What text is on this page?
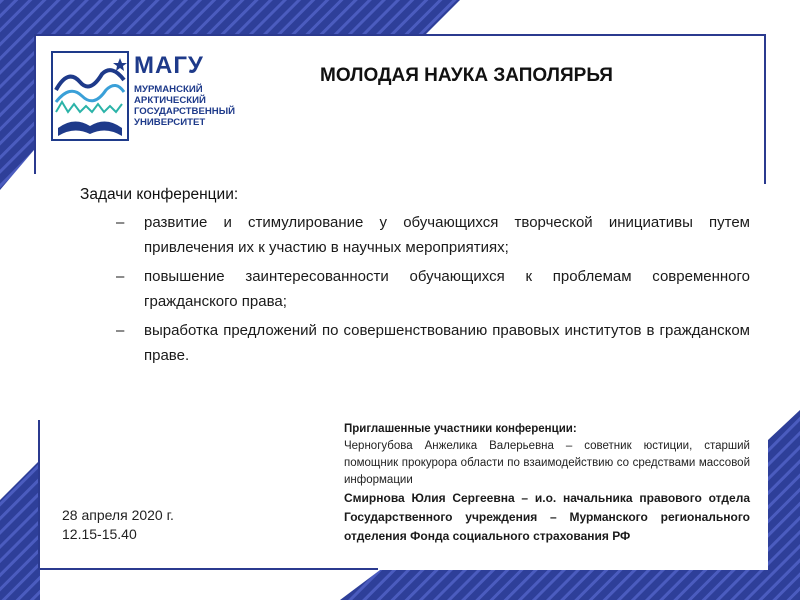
МАГУ
МУРМАНСКИЙ
АРКТИЧЕСКИЙ
ГОСУДАРСТВЕННЫЙ
УНИВЕРСИТЕТ
МОЛОДАЯ НАУКА ЗАПОЛЯРЬЯ
Задачи конференции:
– развитие и стимулирование у обучающихся творческой инициативы путем привлечения их к участию в научных мероприятиях;
– повышение заинтересованности обучающихся к проблемам современного гражданского права;
– выработка предложений по совершенствованию правовых институтов в гражданском праве.
28 апреля 2020 г.
12.15-15.40
Приглашенные участники конференции:
Черногубова Анжелика Валерьевна – советник юстиции, старший помощник прокурора области по взаимодействию со средствами массовой информации
Смирнова Юлия Сергеевна – и.о. начальника правового отдела Государственного учреждения – Мурманского регионального отделения Фонда социального страхования РФ
